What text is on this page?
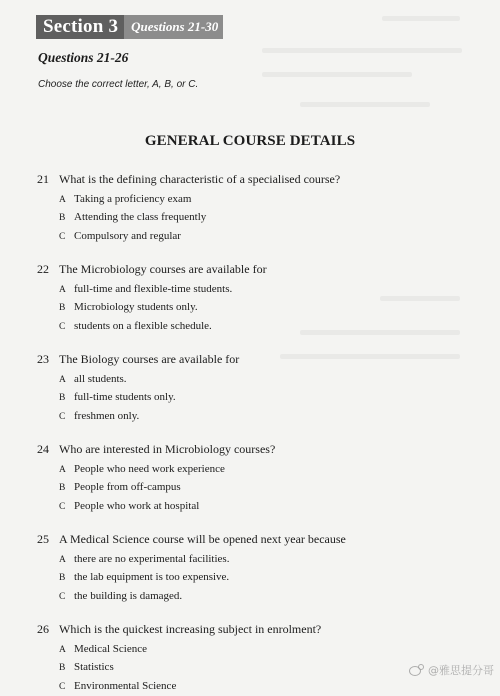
Section 3	Questions 21-30
Questions 21-26
Choose the correct letter, A, B, or C.
GENERAL COURSE DETAILS
21 What is the defining characteristic of a specialised course?
A Taking a proficiency exam
B Attending the class frequently
C Compulsory and regular
22 The Microbiology courses are available for
A full-time and flexible-time students.
B Microbiology students only.
C students on a flexible schedule.
23 The Biology courses are available for
A all students.
B full-time students only.
C freshmen only.
24 Who are interested in Microbiology courses?
A People who need work experience
B People from off-campus
C People who work at hospital
25 A Medical Science course will be opened next year because
A there are no experimental facilities.
B the lab equipment is too expensive.
C the building is damaged.
26 Which is the quickest increasing subject in enrolment?
A Medical Science
B Statistics
C Environmental Science
@雅思提分哥
